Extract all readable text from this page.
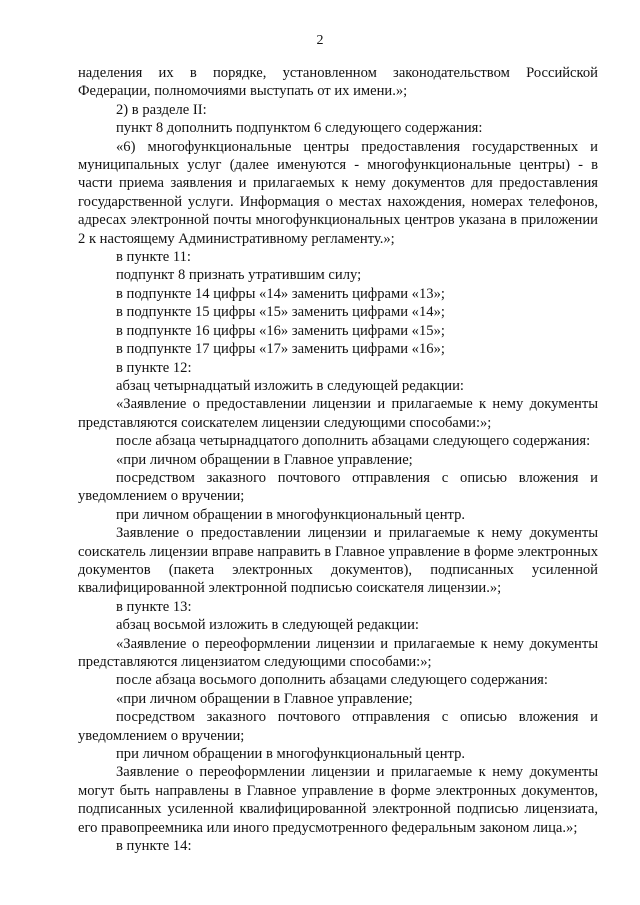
2

наделения их в порядке, установленном законодательством Российской Федерации, полномочиями выступать от их имени.»;

2) в разделе II:

пункт 8 дополнить подпунктом 6 следующего содержания:

«6) многофункциональные центры предоставления государственных и муниципальных услуг (далее именуются - многофункциональные центры) - в части приема заявления и прилагаемых к нему документов для предоставления государственной услуги. Информация о местах нахождения, номерах телефонов, адресах электронной почты многофункциональных центров указана в приложении 2 к настоящему Административному регламенту.»;

в пункте 11:

подпункт 8 признать утратившим силу;

в подпункте 14 цифры «14» заменить цифрами «13»;

в подпункте 15 цифры «15» заменить цифрами «14»;

в подпункте 16 цифры «16» заменить цифрами «15»;

в подпункте 17 цифры «17» заменить цифрами «16»;

в пункте 12:

абзац четырнадцатый изложить в следующей редакции:

«Заявление о предоставлении лицензии и прилагаемые к нему документы представляются соискателем лицензии следующими способами:»;

после абзаца четырнадцатого дополнить абзацами следующего содержания:

«при личном обращении в Главное управление;

посредством заказного почтового отправления с описью вложения и уведомлением о вручении;

при личном обращении в многофункциональный центр.

Заявление о предоставлении лицензии и прилагаемые к нему документы соискатель лицензии вправе направить в Главное управление в форме электронных документов (пакета электронных документов), подписанных усиленной квалифицированной электронной подписью соискателя лицензии.»;

в пункте 13:

абзац восьмой изложить в следующей редакции:

«Заявление о переоформлении лицензии и прилагаемые к нему документы представляются лицензиатом следующими способами:»;

после абзаца восьмого дополнить абзацами следующего содержания:

«при личном обращении в Главное управление;

посредством заказного почтового отправления с описью вложения и уведомлением о вручении;

при личном обращении в многофункциональный центр.

Заявление о переоформлении лицензии и прилагаемые к нему документы могут быть направлены в Главное управление в форме электронных документов, подписанных усиленной квалифицированной электронной подписью лицензиата, его правопреемника или иного предусмотренного федеральным законом лица.»;

в пункте 14:
